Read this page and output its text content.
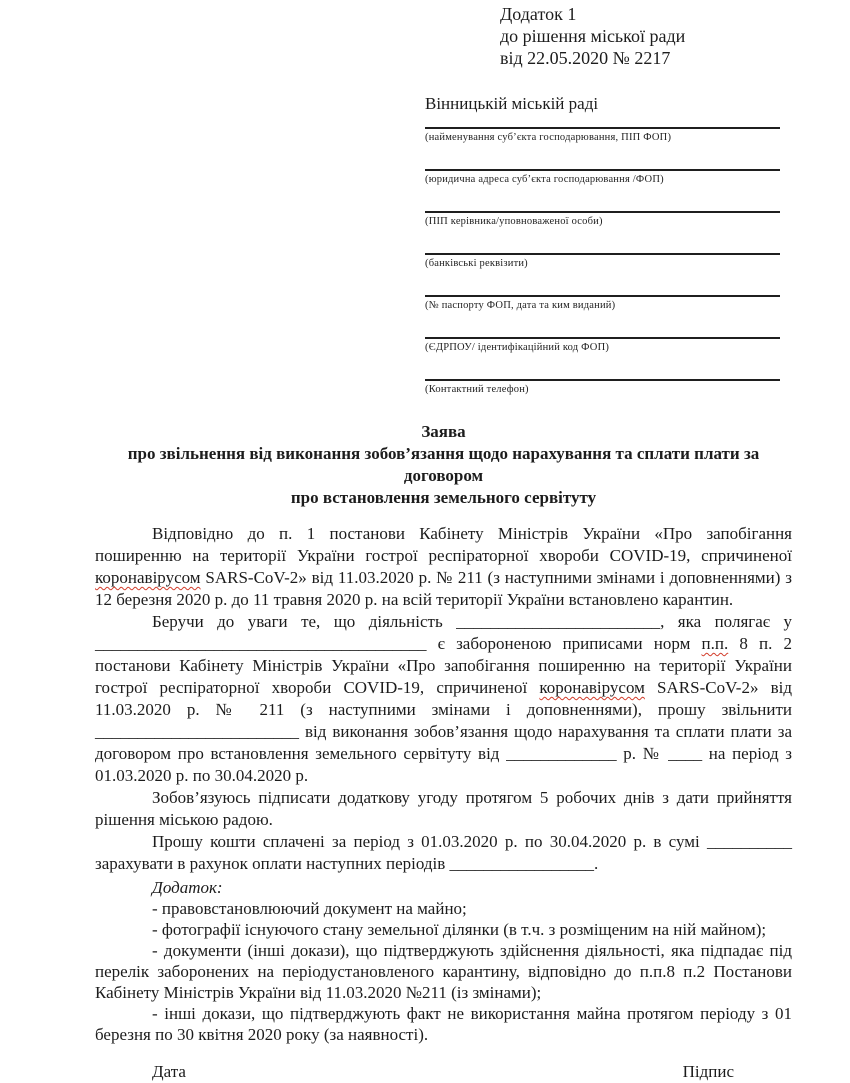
Додаток 1
до рішення міської ради
від 22.05.2020 № 2217
Вінницькій міській раді
(найменування суб’єкта господарювання, ПІП ФОП)
(юридична адреса суб’єкта господарювання /ФОП)
(ПІП керівника/уповноваженої особи)
(банківські реквізити)
(№ паспорту ФОП, дата та ким виданий)
(ЄДРПОУ/ ідентифікаційний код ФОП)
(Контактний телефон)
Заява
про звільнення від виконання зобов’язання щодо нарахування та сплати плати за договором
про встановлення земельного сервітуту

Відповідно до п. 1 постанови Кабінету Міністрів України «Про запобігання поширенню на території України гострої респіраторної хвороби COVID-19, спричиненої коронавірусом SARS-CoV-2» від 11.03.2020 р. № 211 (з наступними змінами і доповненнями) з 12 березня 2020 р. до 11 травня 2020 р. на всій території України встановлено карантин.

Беручи до уваги те, що діяльність ________________________, яка полягає у _______________________________________ є забороненою приписами норм п.п. 8 п. 2 постанови Кабінету Міністрів України «Про запобігання поширенню на території України гострої респіраторної хвороби COVID-19, спричиненої коронавірусом SARS-CoV-2» від 11.03.2020 р. № 211 (з наступними змінами і доповненнями), прошу звільнити ________________________ від виконання зобов’язання щодо нарахування та сплати плати за договором про встановлення земельного сервітуту від _____________ р. № ____ на період з 01.03.2020 р. по 30.04.2020 р.

Зобов’язуюсь підписати додаткову угоду протягом 5 робочих днів з дати прийняття рішення міською радою.

Прошу кошти сплачені за період з 01.03.2020 р. по 30.04.2020 р. в сумі __________ зарахувати в рахунок оплати наступних періодів _________________.

Додаток:

- правовстановлюючий документ на майно;

- фотографії існуючого стану земельної ділянки (в т.ч. з розміщеним на ній майном);

- документи (інші докази), що підтверджують здійснення діяльності, яка підпадає під перелік заборонених на періодустановленого карантину, відповідно до п.п.8 п.2 Постанови Кабінету Міністрів України від 11.03.2020 №211 (із змінами);

- інші докази, що підтверджують факт не використання майна протягом періоду з 01 березня по 30 квітня 2020 року (за наявності).

Дата	Підпис
